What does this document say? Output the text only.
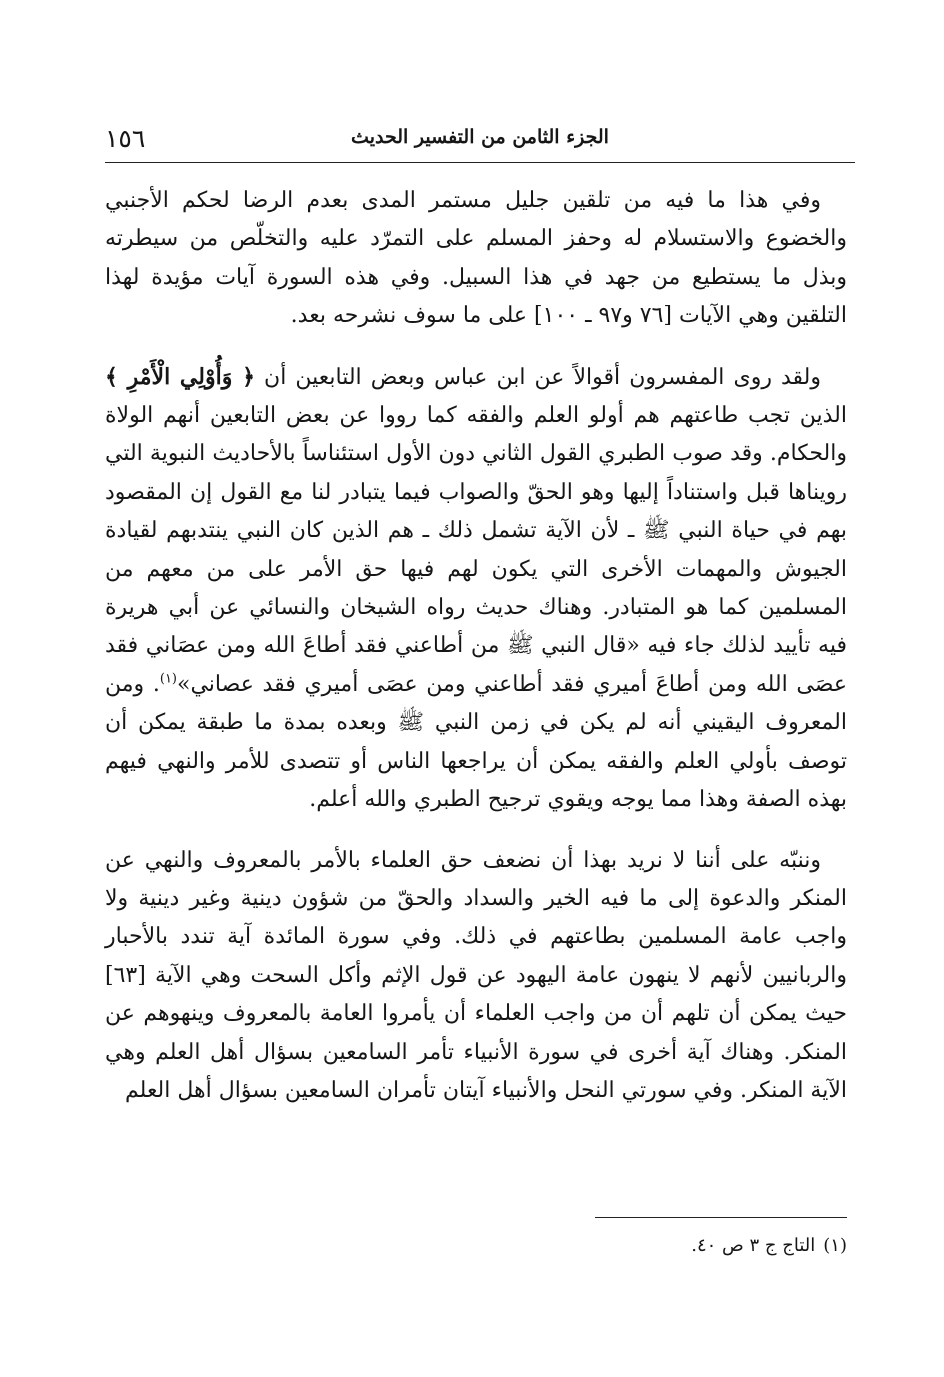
١٥٦	الجزء الثامن من التفسير الحديث

وفي هذا ما فيه من تلقين جليل مستمر المدى بعدم الرضا لحكم الأجنبي والخضوع والاستسلام له وحفز المسلم على التمرّد عليه والتخلّص من سيطرته وبذل ما يستطيع من جهد في هذا السبيل. وفي هذه السورة آيات مؤيدة لهذا التلقين وهي الآيات [٧٦ و٩٧ ـ ١٠٠] على ما سوف نشرحه بعد.

ولقد روى المفسرون أقوالاً عن ابن عباس وبعض التابعين أن ﴿ وَأُوْلِي الْأَمْرِ ﴾ الذين تجب طاعتهم هم أولو العلم والفقه كما رووا عن بعض التابعين أنهم الولاة والحكام. وقد صوب الطبري القول الثاني دون الأول استئناساً بالأحاديث النبوية التي رويناها قبل واستناداً إليها وهو الحقّ والصواب فيما يتبادر لنا مع القول إن المقصود بهم في حياة النبي ﷺ ـ لأن الآية تشمل ذلك ـ هم الذين كان النبي ينتدبهم لقيادة الجيوش والمهمات الأخرى التي يكون لهم فيها حق الأمر على من معهم من المسلمين كما هو المتبادر. وهناك حديث رواه الشيخان والنسائي عن أبي هريرة فيه تأييد لذلك جاء فيه «قال النبي ﷺ من أطاعني فقد أطاعَ الله ومن عصَاني فقد عصَى الله ومن أطاعَ أميري فقد أطاعني ومن عصَى أميري فقد عصاني»$^{(١)}$. ومن المعروف اليقيني أنه لم يكن في زمن النبي ﷺ وبعده بمدة ما طبقة يمكن أن توصف بأولي العلم والفقه يمكن أن يراجعها الناس أو تتصدى للأمر والنهي فيهم بهذه الصفة وهذا مما يوجه ويقوي ترجيح الطبري والله أعلم.

وننبّه على أننا لا نريد بهذا أن نضعف حق العلماء بالأمر بالمعروف والنهي عن المنكر والدعوة إلى ما فيه الخير والسداد والحقّ من شؤون دينية وغير دينية ولا واجب عامة المسلمين بطاعتهم في ذلك. وفي سورة المائدة آية تندد بالأحبار والربانيين لأنهم لا ينهون عامة اليهود عن قول الإثم وأكل السحت وهي الآية [٦٣] حيث يمكن أن تلهم أن من واجب العلماء أن يأمروا العامة بالمعروف وينهوهم عن المنكر. وهناك آية أخرى في سورة الأنبياء تأمر السامعين بسؤال أهل العلم وهي الآية المنكر. وفي سورتي النحل والأنبياء آيتان تأمران السامعين بسؤال أهل العلم

(١)التاج ج ٣ ص ٤٠.
